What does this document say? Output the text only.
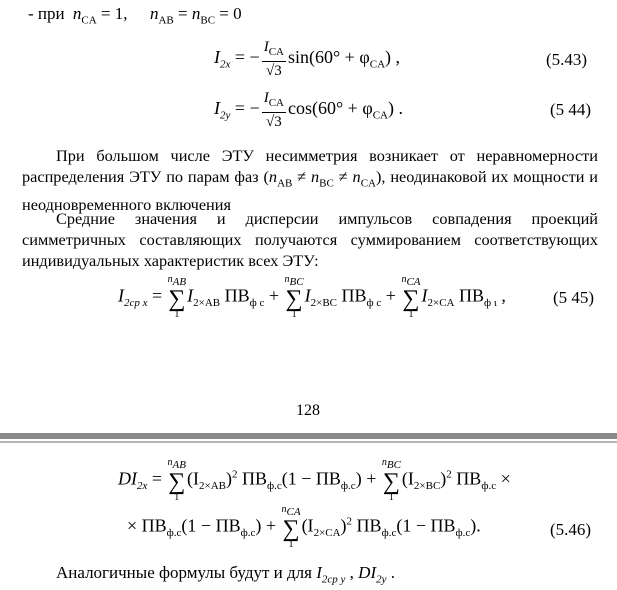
- при $n_{CA} = 1$, $n_{AB} = n_{BC} = 0$
$I_{2x}$ = − $\frac{I_{CA}}{√3} \sin(60^\circ + \varphi_{CA})$ ,	(5.43)
$I_{2y}$ = − $\frac{I_{CA}}{√3} \cos(60^\circ + \varphi_{CA})$ .	(5 44)
При большом числе ЭТУ несимметрия возникает от неравномерности распределения ЭТУ по парам фаз $(n_{AB} \ne n_{BC} \ne n_{CA})$, неодинаковой их мощности и неодновременного включения
Средние значения и дисперсии импульсов совпадения проекций симметричных составляющих получаются суммированием соответствующих индивидуальных характеристик всех ЭТУ:
$I_{2ср x}$ =
$n_{AB}$
∑
1
$I_{2\times AB}$ $ПВ_{ф с}$ +
$n_{BC}$
∑
1
$I_{2\times BC}$ $ПВ_{ф с}$ +
$n_{CA}$
∑
1
$I_{2\times CA}$ $ПВ_{ф \iota}$ ,	(5 45)
128
$DI_{2x}$ =
$n_{AB}$
∑
1
$(I_{2\times AB})^2$ $ПВ_{ф.с}(1 - ПВ_{ф.с})$ +
$n_{BC}$
∑
1
$(I_{2\times BC})^2$ $ПВ_{ф.с}$ ×
× $ПВ_{ф.с}(1 - ПВ_{ф.с})$ +
$n_{CA}$
∑
1
$(I_{2\times CA})^2$ $ПВ_{ф.с}(1 - ПВ_{ф.с})$.	(5.46)
Аналогичные формулы будут и для $I_{2ср y}$ , $DI_{2y}$ .
